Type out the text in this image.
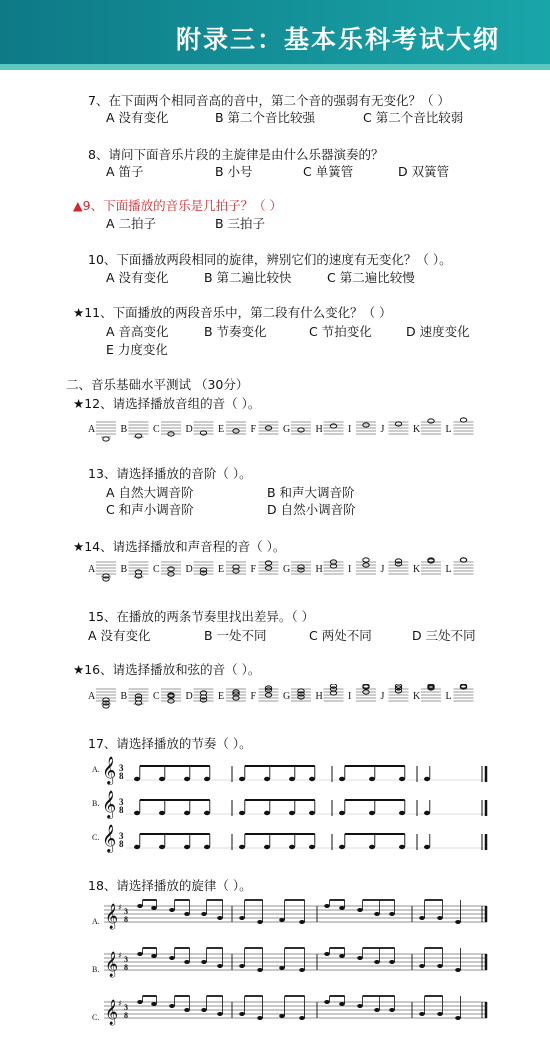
附录三：基本乐科考试大纲
7、在下面两个相同音高的音中，第二个音的强弱有无变化？（ ）
A 没有变化	B 第二个音比较强	C 第二个音比较弱
8、请问下面音乐片段的主旋律是由什么乐器演奏的？
A 笛子	B 小号	C 单簧管	D 双簧管
▲9、下面播放的音乐是几拍子？（ ）
A 二拍子	B 三拍子
10、下面播放两段相同的旋律，辨别它们的速度有无变化？（ ）。
A 没有变化	B 第二遍比较快	C 第二遍比较慢
★11、下面播放的两段音乐中，第二段有什么变化？（ ）
A 音高变化	B 节奏变化	C 节拍变化	D 速度变化
E 力度变化
二、音乐基础水平测试 （30分）
★12、请选择播放音组的音（ ）。
A	B	C	D	E	F	G	H	I	J	K	L
13、请选择播放的音阶（ ）。
A 自然大调音阶	B 和声大调音阶
C 和声小调音阶	D 自然小调音阶
★14、请选择播放和声音程的音（ ）。
A	B	C	D	E	F	G	H	I	J	K	L
15、在播放的两条节奏里找出差异。（ ）
A 没有变化	B 一处不同	C 两处不同	D 三处不同
★16、请选择播放和弦的音（ ）。
A	B	C	D	E	F	G	H	I	J	K	L
17、请选择播放的节奏（ ）。
A. 𝄞 3
8
B. 𝄞 3
8
C. 𝄞 3
8
18、请选择播放的旋律（ ）。
A. 𝄞 ♯ 3
8
B. 𝄞 ♯ 3
8
C. 𝄞 ♯ 3
8
